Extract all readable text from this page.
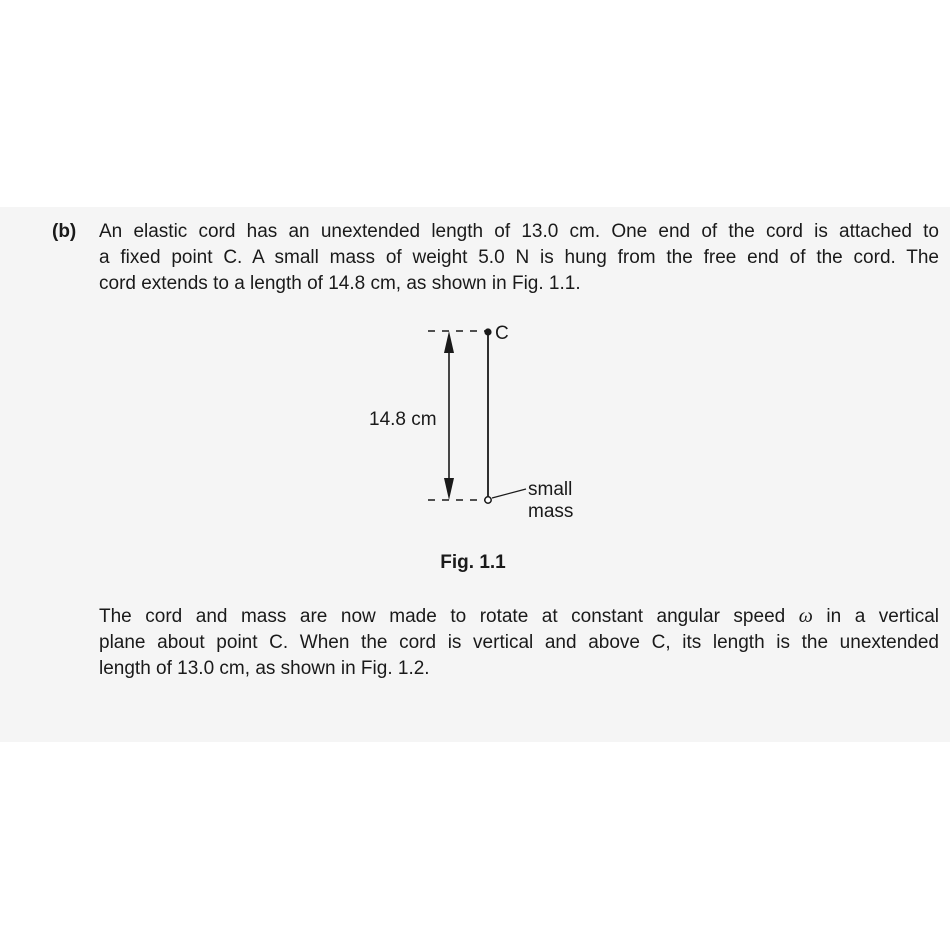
(b) An elastic cord has an unextended length of 13.0 cm. One end of the cord is attached to
a fixed point C. A small mass of weight 5.0 N is hung from the free end of the cord. The
cord extends to a length of 14.8 cm, as shown in Fig. 1.1.
C
14.8 cm
small
mass
Fig. 1.1
The cord and mass are now made to rotate at constant angular speed ω in a vertical
plane about point C. When the cord is vertical and above C, its length is the unextended
length of 13.0 cm, as shown in Fig. 1.2.
